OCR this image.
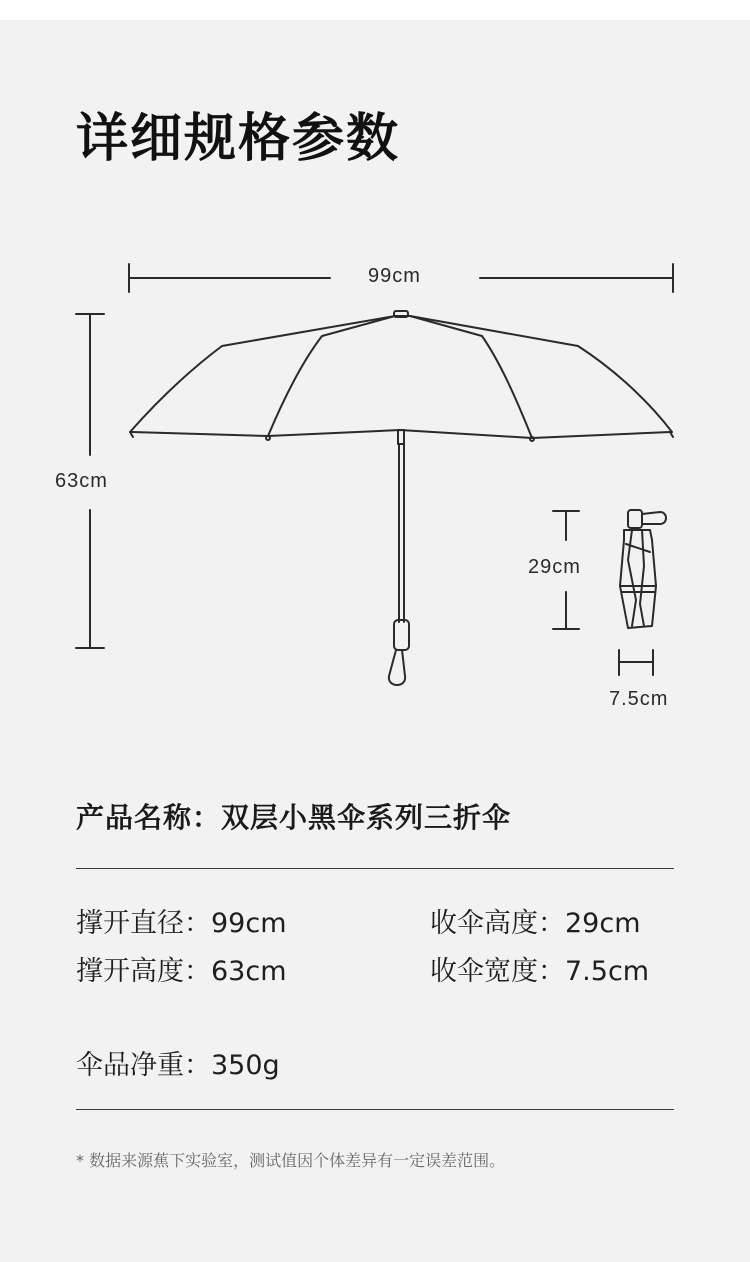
详细规格参数
99cm
63cm
29cm
7.5cm
产品名称：双层小黑伞系列三折伞
撑开直径：99cm	收伞高度：29cm
撑开高度：63cm	收伞宽度：7.5cm
伞品净重：350g
* 数据来源蕉下实验室，测试值因个体差异有一定误差范围。
